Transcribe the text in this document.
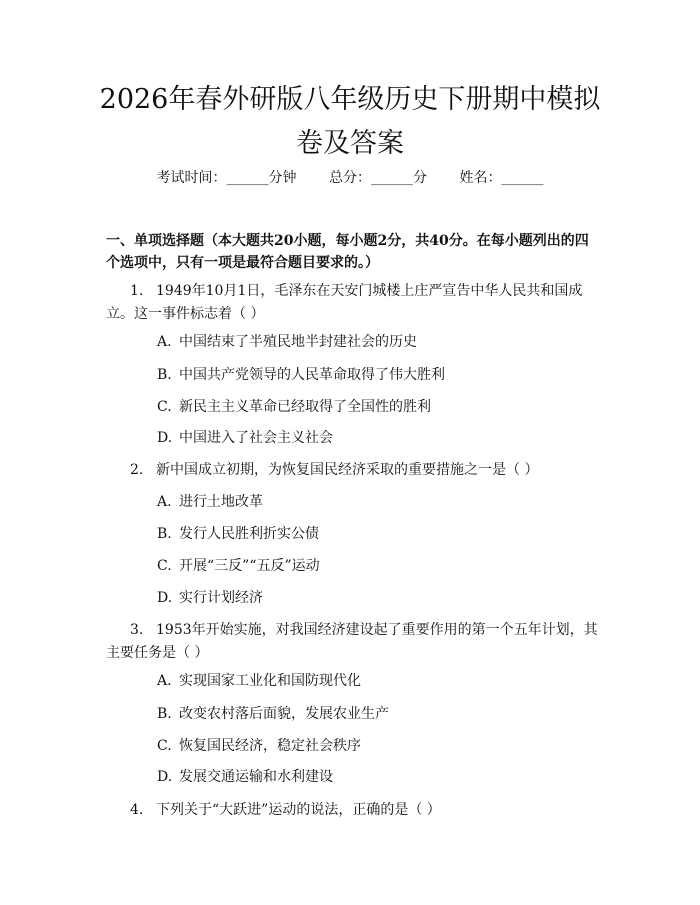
2026年春外研版八年级历史下册期中模拟卷及答案
考试时间：______分钟 总分：______分 姓名：______

一、单项选择题（本大题共20小题，每小题2分，共40分。在每小题列出的四个选项中，只有一项是最符合题目要求的。）

1. 1949年10月1日，毛泽东在天安门城楼上庄严宣告中华人民共和国成立。这一事件标志着（ ）

A. 中国结束了半殖民地半封建社会的历史

B. 中国共产党领导的人民革命取得了伟大胜利

C. 新民主主义革命已经取得了全国性的胜利

D. 中国进入了社会主义社会

2. 新中国成立初期，为恢复国民经济采取的重要措施之一是（ ）

A. 进行土地改革

B. 发行人民胜利折实公债

C. 开展“三反”“五反”运动

D. 实行计划经济

3. 1953年开始实施，对我国经济建设起了重要作用的第一个五年计划，其主要任务是（ ）

A. 实现国家工业化和国防现代化

B. 改变农村落后面貌，发展农业生产

C. 恢复国民经济，稳定社会秩序

D. 发展交通运输和水利建设

4. 下列关于“大跃进”运动的说法，正确的是（ ）
